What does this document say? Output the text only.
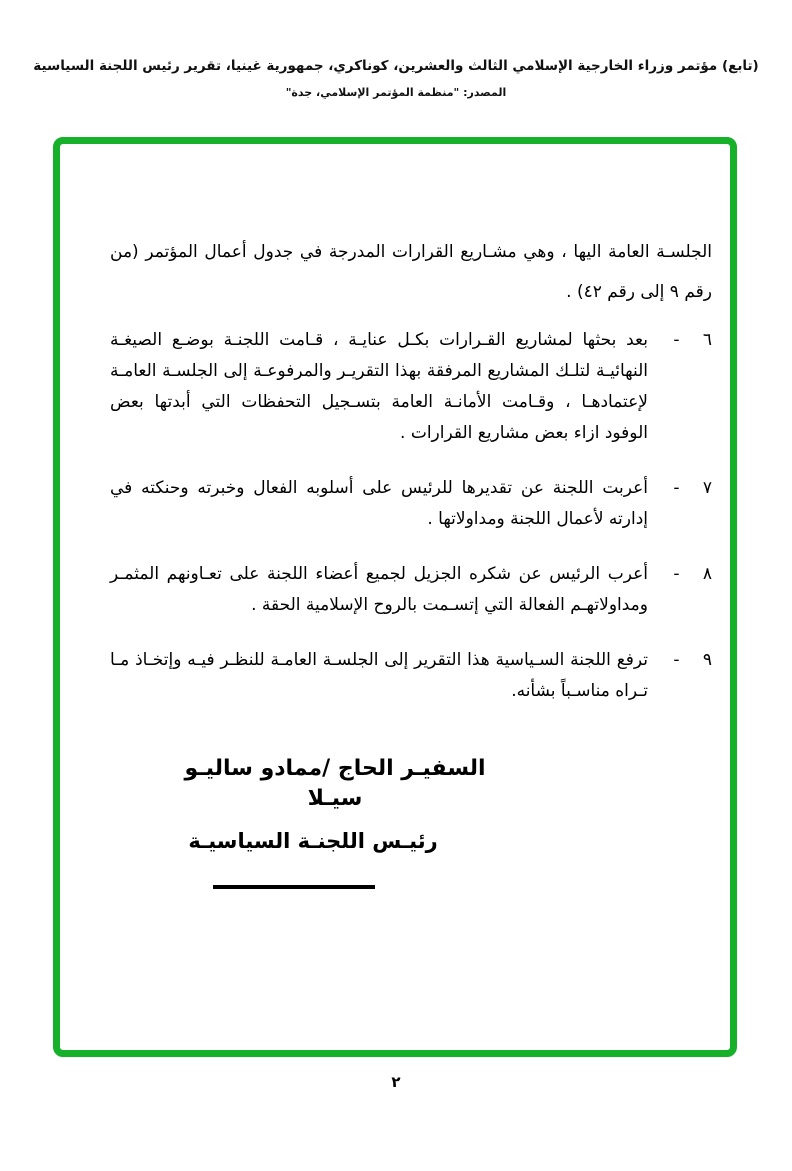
(تابع) مؤتمر وزراء الخارجية الإسلامي الثالث والعشرين، كوناكري، جمهورية غينيا، تقرير رئيس اللجنة السياسية
المصدر: "منظمة المؤتمر الإسلامي، جدة"

الجلسـة العامة اليها ، وهي مشـاريع القرارات المدرجة في جدول أعمال المؤتمر (من رقم ٩ إلى رقم ٤٢) .

٦ -

بعد بحثها لمشاريع القـرارات بكـل عنايـة ، قـامت اللجنـة بوضـع الصيغـة النهائيـة لتلـك المشاريع المرفقة بهذا التقريـر والمرفوعـة إلى الجلسـة العامـة لإعتمادهـا ، وقـامت الأمانـة العامة بتسـجيل التحفظات التي أبدتها بعض الوفود ازاء بعض مشاريع القرارات .

٧ -

أعربت اللجنة عن تقديرها للرئيس على أسلوبه الفعال وخبرته وحنكته في إدارته لأعمال اللجنة ومداولاتها .

٨ -

أعرب الرئيس عن شكره الجزيل لجميع أعضاء اللجنة على تعـاونهم المثمـر ومداولاتهـم الفعالة التي إتسـمت بالروح الإسلامية الحقة .

٩ -

ترفع اللجنة السـياسية هذا التقرير إلى الجلسـة العامـة للنظـر فيـه وإتخـاذ مـا تـراه مناسـباً بشأنه.

السفيـر الحاج /ممادو ساليـو سيـلا
رئيـس اللجنـة السياسيـة
٢
